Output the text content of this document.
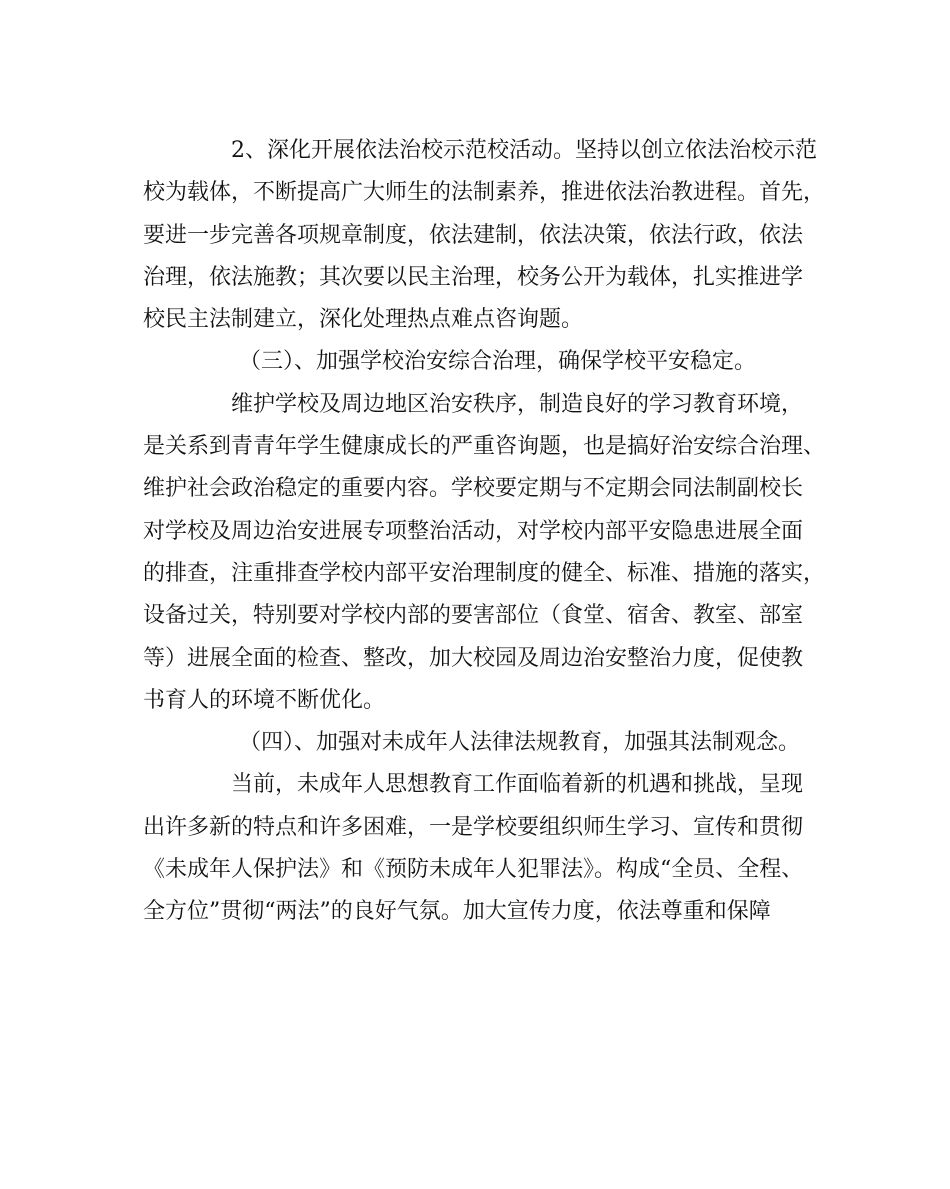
2、深化开展依法治校示范校活动。坚持以创立依法治校示范
校为载体，不断提高广大师生的法制素养，推进依法治教进程。首先，
要进一步完善各项规章制度，依法建制，依法决策，依法行政，依法
治理，依法施教；其次要以民主治理，校务公开为载体，扎实推进学
校民主法制建立，深化处理热点难点咨询题。
（三）、加强学校治安综合治理，确保学校平安稳定。
维护学校及周边地区治安秩序，制造良好的学习教育环境，
是关系到青青年学生健康成长的严重咨询题，也是搞好治安综合治理、
维护社会政治稳定的重要内容。学校要定期与不定期会同法制副校长
对学校及周边治安进展专项整治活动，对学校内部平安隐患进展全面
的排查，注重排查学校内部平安治理制度的健全、标准、措施的落实，
设备过关，特别要对学校内部的要害部位（食堂、宿舍、教室、部室
等）进展全面的检查、整改，加大校园及周边治安整治力度，促使教
书育人的环境不断优化。
（四）、加强对未成年人法律法规教育，加强其法制观念。
当前，未成年人思想教育工作面临着新的机遇和挑战，呈现
出许多新的特点和许多困难，一是学校要组织师生学习、宣传和贯彻
《未成年人保护法》和《预防未成年人犯罪法》。构成“全员、全程、
全方位”贯彻“两法”的良好气氛。加大宣传力度，依法尊重和保障
